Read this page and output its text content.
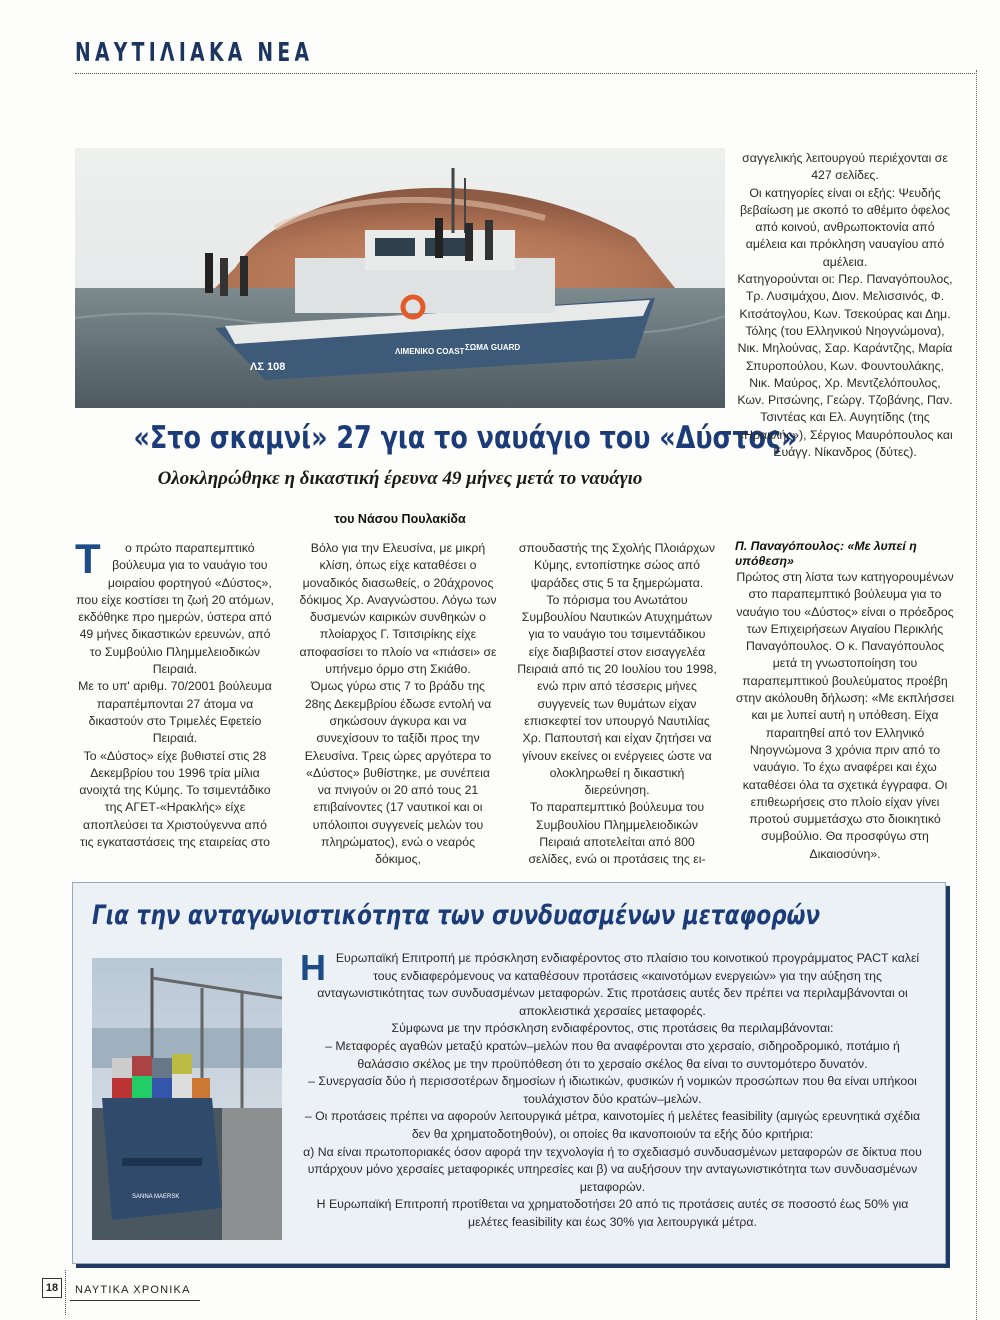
ΝΑΥΤΙΛΙΑΚΑ ΝΕΑ
ΛΣ 108
ΛΙΜΕΝΙΚΟ COAST ΣΩΜΑ GUARD
«Στο σκαμνί» 27 για το ναυάγιο του «Δύστος»
Ολοκληρώθηκε η δικαστική έρευνα 49 μήνες μετά το ναυάγιο
του Νάσου Πουλακίδα
Τ	ο πρώτο παραπεμπτικό βούλευμα για το ναυάγιο του μοιραίου φορτηγού «Δύστος», που είχε κοστίσει τη ζωή 20 ατόμων, εκδόθηκε προ ημερών, ύστερα από 49 μήνες δικαστικών ερευνών, από το Συμβούλιο Πλημμελειοδικών Πειραιά.

Με το υπ' αριθμ. 70/2001 βούλευμα παραπέμπονται 27 άτομα να δικαστούν στο Τριμελές Εφετείο Πειραιά.

Το «Δύστος» είχε βυθιστεί στις 28 Δεκεμβρίου του 1996 τρία μίλια ανοιχτά της Κύμης. Το τσιμεντάδικο της ΑΓΕΤ-«Ηρακλής» είχε αποπλεύσει τα Χριστούγεννα από τις εγκαταστάσεις της εταιρείας στο

Βόλο για την Ελευσίνα, με μικρή κλίση, όπως είχε καταθέσει ο μοναδικός διασωθείς, ο 20άχρονος δόκιμος Χρ. Αναγνώστου. Λόγω των δυσμενών καιρικών συνθηκών ο πλοίαρχος Γ. Τσιτσιρίκης είχε αποφασίσει το πλοίο να «πιάσει» σε υπήνεμο όρμο στη Σκιάθο.

Όμως γύρω στις 7 το βράδυ της 28ης Δεκεμβρίου έδωσε εντολή να σηκώσουν άγκυρα και να συνεχίσουν το ταξίδι προς την Ελευσίνα. Τρεις ώρες αργότερα το «Δύστος» βυθίστηκε, με συνέπεια να πνιγούν οι 20 από τους 21 επιβαίνοντες (17 ναυτικοί και οι υπόλοιποι συγγενείς μελών του πληρώματος), ενώ ο νεαρός δόκιμος,

σπουδαστής της Σχολής Πλοιάρχων Κύμης, εντοπίστηκε σώος από ψαράδες στις 5 τα ξημερώματα.

Το πόρισμα του Ανωτάτου Συμβουλίου Ναυτικών Ατυχημάτων για το ναυάγιο του τσιμεντάδικου είχε διαβιβαστεί στον εισαγγελέα Πειραιά από τις 20 Ιουλίου του 1998, ενώ πριν από τέσσερις μήνες συγγενείς των θυμάτων είχαν επισκεφτεί τον υπουργό Ναυτιλίας Χρ. Παπουτσή και είχαν ζητήσει να γίνουν εκείνες οι ενέργειες ώστε να ολοκληρωθεί η δικαστική διερεύνηση.

Το παραπεμπτικό βούλευμα του Συμβουλίου Πλημμελειοδικών Πειραιά αποτελείται από 800 σελίδες, ενώ οι προτάσεις της ει-

σαγγελικής λειτουργού περιέχονται σε 427 σελίδες.

Οι κατηγορίες είναι οι εξής: Ψευδής βεβαίωση με σκοπό το αθέμιτο όφελος από κοινού, ανθρωποκτονία από αμέλεια και πρόκληση ναυαγίου από αμέλεια.

Κατηγορούνται οι: Περ. Παναγόπουλος, Τρ. Λυσιμάχου, Διον. Μελισσινός, Φ. Κιτσάτογλου, Κων. Τσεκούρας και Δημ. Τόλης (του Ελληνικού Νηογνώμονα), Νικ. Μηλούνας, Σαρ. Καράντζης, Μαρία Σπυροπούλου, Κων. Φουντουλάκης, Νικ. Μαύρος, Χρ. Μεντζελόπουλος, Κων. Ριτσώνης, Γεώργ. Τζοβάνης, Παν. Τσιντέας και Ελ. Αυγητίδης (της «Ηρακλής»), Σέργιος Μαυρόπουλος και Ευάγγ. Νίκανδρος (δύτες).

Π. Παναγόπουλος: «Με λυπεί η υπόθεση»

Πρώτος στη λίστα των κατηγορουμένων στο παραπεμπτικό βούλευμα για το ναυάγιο του «Δύστος» είναι ο πρόεδρος των Επιχειρήσεων Αιγαίου Περικλής Παναγόπουλος. Ο κ. Παναγόπουλος μετά τη γνωστοποίηση του παραπεμπτικού βουλεύματος προέβη στην ακόλουθη δήλωση: «Με εκπλήσσει και με λυπεί αυτή η υπόθεση. Είχα παραιτηθεί από τον Ελληνικό Νηογνώμονα 3 χρόνια πριν από το ναυάγιο. Το έχω αναφέρει και έχω καταθέσει όλα τα σχετικά έγγραφα. Οι επιθεωρήσεις στο πλοίο είχαν γίνει προτού συμμετάσχω στο διοικητικό συμβούλιο. Θα προσφύγω στη Δικαιοσύνη».

Για την ανταγωνιστικότητα των συνδυασμένων μεταφορών
SANNA MAERSK
Η Ευρωπαϊκή Επιτροπή με πρόσκληση ενδιαφέροντος στο πλαίσιο του κοινοτικού προγράμματος PACT καλεί τους ενδιαφερόμενους να καταθέσουν προτάσεις «καινοτόμων ενεργειών» για την αύξηση της ανταγωνιστικότητας των συνδυασμένων μεταφορών. Στις προτάσεις αυτές δεν πρέπει να περιλαμβάνονται οι αποκλειστικά χερσαίες μεταφορές.

Σύμφωνα με την πρόσκληση ενδιαφέροντος, στις προτάσεις θα περιλαμβάνονται:

– Μεταφορές αγαθών μεταξύ κρατών–μελών που θα αναφέρονται στο χερσαίο, σιδηροδρομικό, ποτάμιο ή θαλάσσιο σκέλος με την προϋπόθεση ότι το χερσαίο σκέλος θα είναι το συντομότερο δυνατόν.

– Συνεργασία δύο ή περισσοτέρων δημοσίων ή ιδιωτικών, φυσικών ή νομικών προσώπων που θα είναι υπήκοοι τουλάχιστον δύο κρατών–μελών.

– Οι προτάσεις πρέπει να αφορούν λειτουργικά μέτρα, καινοτομίες ή μελέτες feasibility (αμιγώς ερευνητικά σχέδια δεν θα χρηματοδοτηθούν), οι οποίες θα ικανοποιούν τα εξής δύο κριτήρια:

α) Να είναι πρωτοποριακές όσον αφορά την τεχνολογία ή το σχεδιασμό συνδυασμένων μεταφορών σε δίκτυα που υπάρχουν μόνο χερσαίες μεταφορικές υπηρεσίες και β) να αυξήσουν την ανταγωνιστικότητα των συνδυασμένων μεταφορών.

Η Ευρωπαϊκή Επιτροπή προτίθεται να χρηματοδοτήσει 20 από τις προτάσεις αυτές σε ποσοστό έως 50% για μελέτες feasibility και έως 30% για λειτουργικά μέτρα.

18	ΝΑΥΤΙΚΑ ΧΡΟΝΙΚΑ
